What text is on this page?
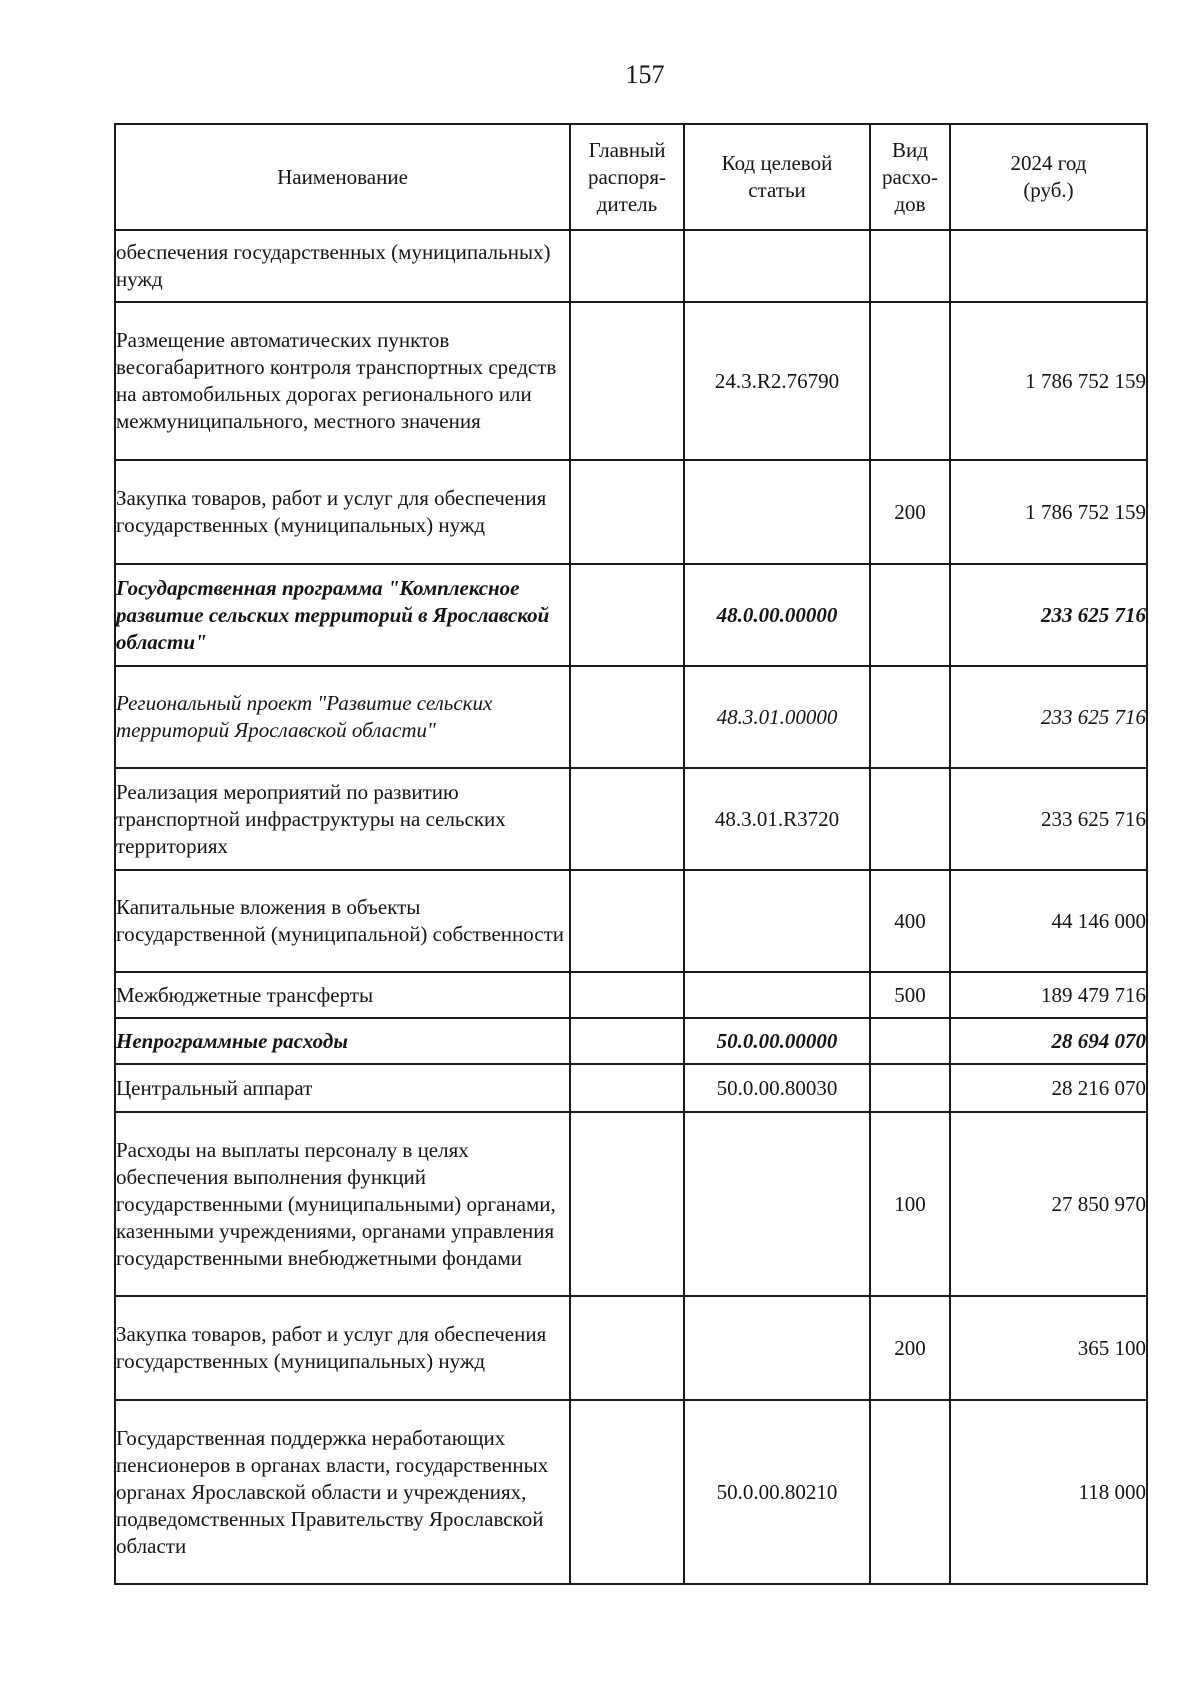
157
Наименование	Главный распоря-дитель	Код целевой статьи	Вид расхо-дов	2024 год (руб.)

обеспечения государственных (муниципальных) нужд				
Размещение автоматических пунктов весогабаритного контроля транспортных средств на автомобильных дорогах регионального или межмуниципального, местного значения		24.3.R2.76790		1 786 752 159
Закупка товаров, работ и услуг для обеспечения государственных (муниципальных) нужд			200	1 786 752 159
Государственная программа "Комплексное развитие сельских территорий в Ярославской области"		48.0.00.00000		233 625 716
Региональный проект "Развитие сельских территорий Ярославской области"		48.3.01.00000		233 625 716
Реализация мероприятий по развитию транспортной инфраструктуры на сельских территориях		48.3.01.R3720		233 625 716
Капитальные вложения в объекты государственной (муниципальной) собственности			400	44 146 000
Межбюджетные трансферты			500	189 479 716
Непрограммные расходы		50.0.00.00000		28 694 070
Центральный аппарат		50.0.00.80030		28 216 070
Расходы на выплаты персоналу в целях обеспечения выполнения функций государственными (муниципальными) органами, казенными учреждениями, органами управления государственными внебюджетными фондами			100	27 850 970
Закупка товаров, работ и услуг для обеспечения государственных (муниципальных) нужд			200	365 100
Государственная поддержка неработающих пенсионеров в органах власти, государственных органах Ярославской области и учреждениях, подведомственных Правительству Ярославской области		50.0.00.80210		118 000
